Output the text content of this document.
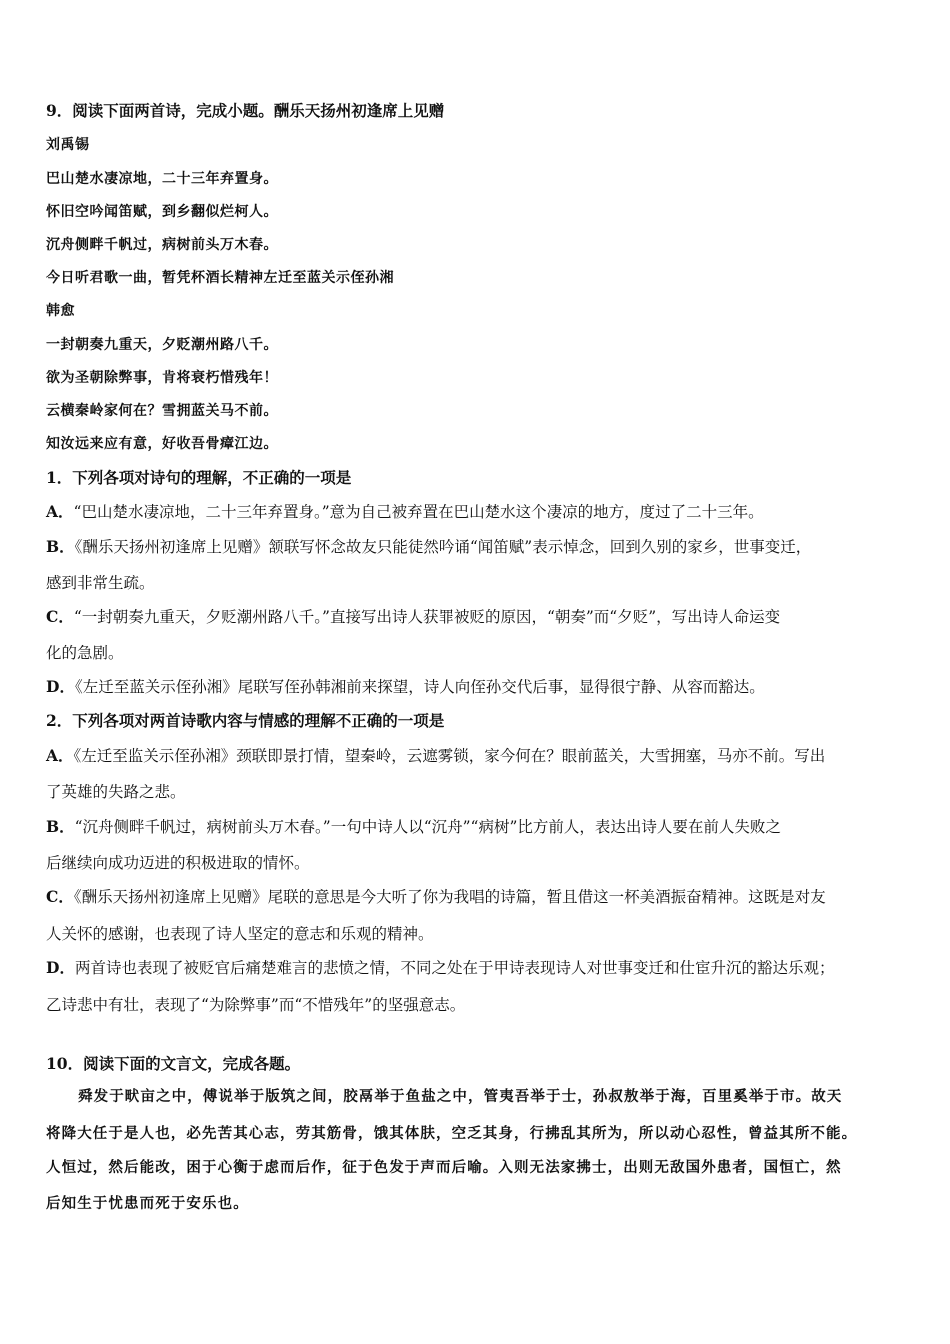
9．阅读下面两首诗，完成小题。酬乐天扬州初逢席上见赠
刘禹锡
巴山楚水凄凉地，二十三年弃置身。
怀旧空吟闻笛赋，到乡翻似烂柯人。
沉舟侧畔千帆过，病树前头万木春。
今日听君歌一曲，暂凭杯酒长精神左迁至蓝关示侄孙湘
韩愈
一封朝奏九重天，夕贬潮州路八千。
欲为圣朝除弊事，肯将衰朽惜残年！
云横秦岭家何在？雪拥蓝关马不前。
知汝远来应有意，好收吾骨瘴江边。
1．下列各项对诗句的理解，不正确的一项是
A．“巴山楚水凄凉地，二十三年弃置身。”意为自己被弃置在巴山楚水这个凄凉的地方，度过了二十三年。
B．《酬乐天扬州初逢席上见赠》颔联写怀念故友只能徒然吟诵“闻笛赋”表示悼念，回到久别的家乡，世事变迁，
感到非常生疏。
C．“一封朝奏九重天，夕贬潮州路八千。”直接写出诗人获罪被贬的原因，“朝奏”而“夕贬”，写出诗人命运变
化的急剧。
D．《左迁至蓝关示侄孙湘》尾联写侄孙韩湘前来探望，诗人向侄孙交代后事，显得很宁静、从容而豁达。
2．下列各项对两首诗歌内容与情感的理解不正确的一项是
A．《左迁至监关示侄孙湘》颈联即景打情，望秦岭，云遮雾锁，家今何在？眼前蓝关，大雪拥塞，马亦不前。写出
了英雄的失路之悲。
B．“沉舟侧畔千帆过，病树前头万木春。”一句中诗人以“沉舟”“病树”比方前人，表达出诗人要在前人失败之
后继续向成功迈进的积极进取的情怀。
C．《酬乐天扬州初逢席上见赠》尾联的意思是今大听了你为我唱的诗篇，暂且借这一杯美酒振奋精神。这既是对友
人关怀的感谢，也表现了诗人坚定的意志和乐观的精神。
D．两首诗也表现了被贬官后痛楚难言的悲愤之情，不同之处在于甲诗表现诗人对世事变迁和仕宦升沉的豁达乐观；
乙诗悲中有壮，表现了“为除弊事”而“不惜残年”的坚强意志。
10．阅读下面的文言文，完成各题。
舜发于畎亩之中，傅说举于版筑之间，胶鬲举于鱼盐之中，管夷吾举于士，孙叔敖举于海，百里奚举于市。故天
将降大任于是人也，必先苦其心志，劳其筋骨，饿其体肤，空乏其身，行拂乱其所为，所以动心忍性，曾益其所不能。
人恒过，然后能改，困于心衡于虑而后作，征于色发于声而后喻。入则无法家拂士，出则无敌国外患者，国恒亡，然
后知生于忧患而死于安乐也。
